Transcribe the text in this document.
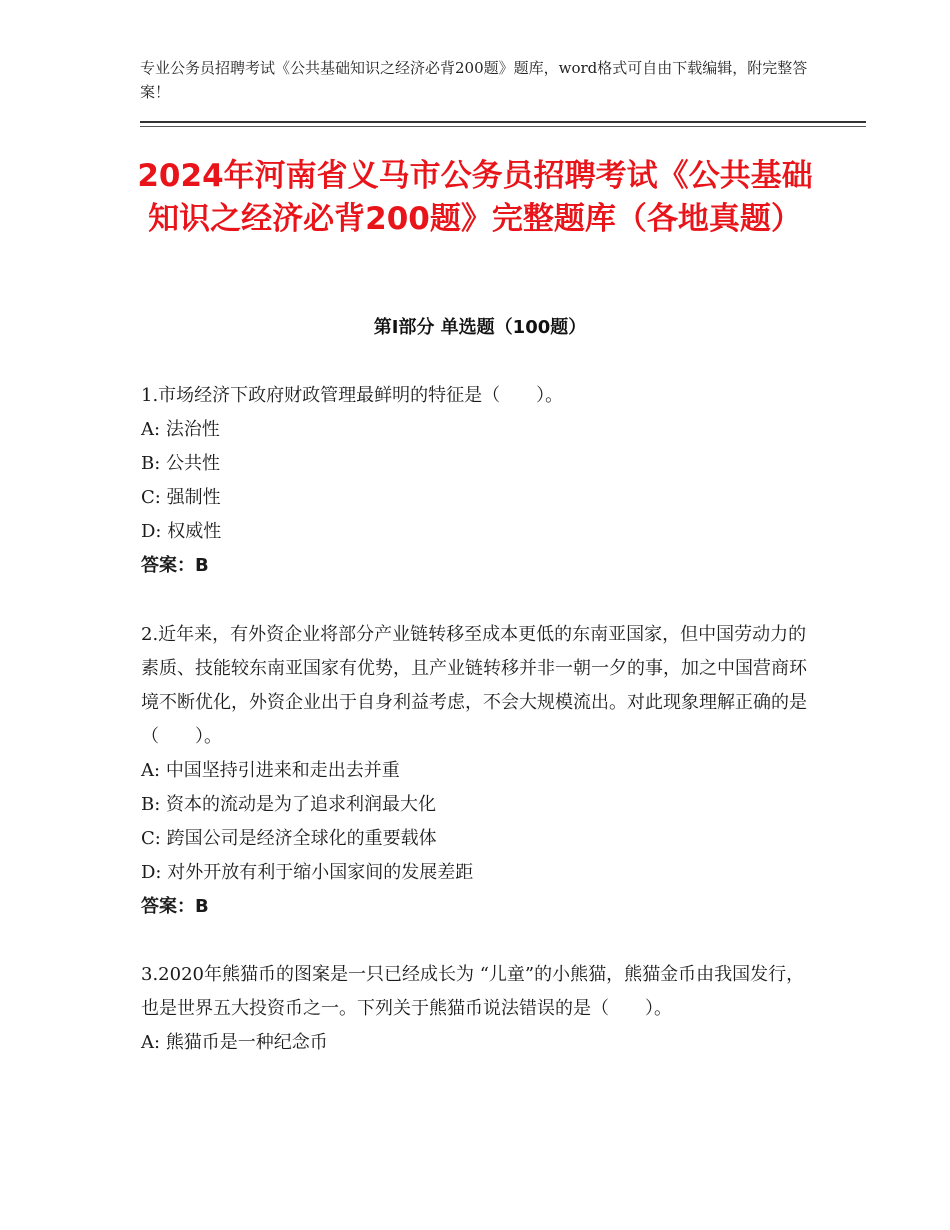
专业公务员招聘考试《公共基础知识之经济必背200题》题库，word格式可自由下载编辑，附完整答案！
2024年河南省义马市公务员招聘考试《公共基础知识之经济必背200题》完整题库（各地真题）
第Ⅰ部分 单选题（100题）
1.市场经济下政府财政管理最鲜明的特征是（　　）。
A: 法治性
B: 公共性
C: 强制性
D: 权威性
答案：B
2.近年来，有外资企业将部分产业链转移至成本更低的东南亚国家，但中国劳动力的素质、技能较东南亚国家有优势，且产业链转移并非一朝一夕的事，加之中国营商环境不断优化，外资企业出于自身利益考虑，不会大规模流出。对此现象理解正确的是（　　）。
A: 中国坚持引进来和走出去并重
B: 资本的流动是为了追求利润最大化
C: 跨国公司是经济全球化的重要载体
D: 对外开放有利于缩小国家间的发展差距
答案：B
3.2020年熊猫币的图案是一只已经成长为 “儿童”的小熊猫，熊猫金币由我国发行，也是世界五大投资币之一。下列关于熊猫币说法错误的是（　　）。
A: 熊猫币是一种纪念币
